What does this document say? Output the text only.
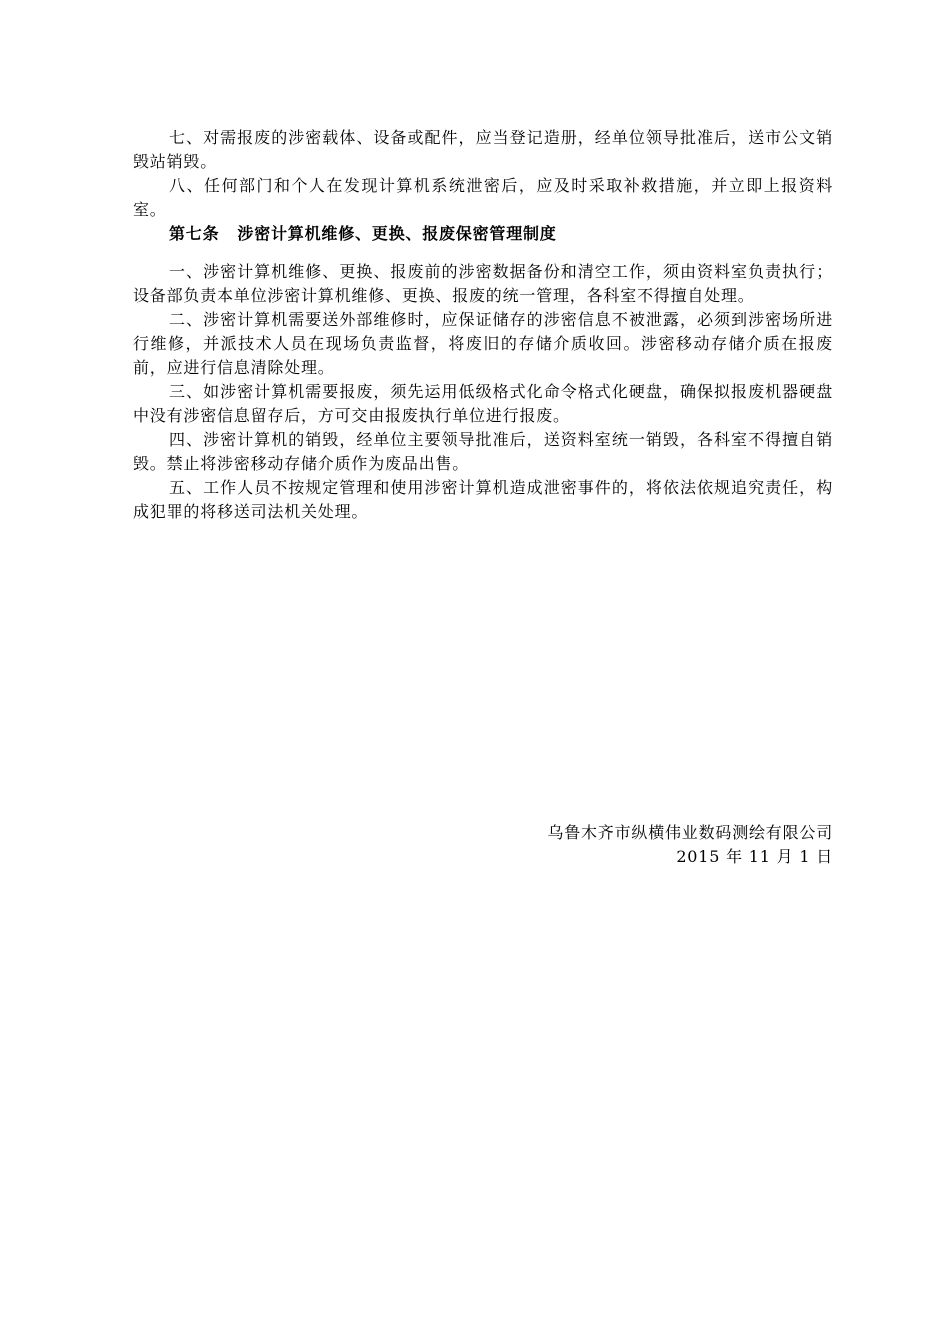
七、对需报废的涉密载体、设备或配件，应当登记造册，经单位领导批准后，送市公文销毁站销毁。

八、任何部门和个人在发现计算机系统泄密后，应及时采取补救措施，并立即上报资料室。

第七条 涉密计算机维修、更换、报废保密管理制度

一、涉密计算机维修、更换、报废前的涉密数据备份和清空工作，须由资料室负责执行；设备部负责本单位涉密计算机维修、更换、报废的统一管理，各科室不得擅自处理。

二、涉密计算机需要送外部维修时，应保证储存的涉密信息不被泄露，必须到涉密场所进行维修，并派技术人员在现场负责监督，将废旧的存储介质收回。涉密移动存储介质在报废前，应进行信息清除处理。

三、如涉密计算机需要报废，须先运用低级格式化命令格式化硬盘，确保拟报废机器硬盘中没有涉密信息留存后，方可交由报废执行单位进行报废。

四、涉密计算机的销毁，经单位主要领导批准后，送资料室统一销毁，各科室不得擅自销毁。禁止将涉密移动存储介质作为废品出售。

五、工作人员不按规定管理和使用涉密计算机造成泄密事件的，将依法依规追究责任，构成犯罪的将移送司法机关处理。

乌鲁木齐市纵横伟业数码测绘有限公司
2015 年 11 月 1 日
